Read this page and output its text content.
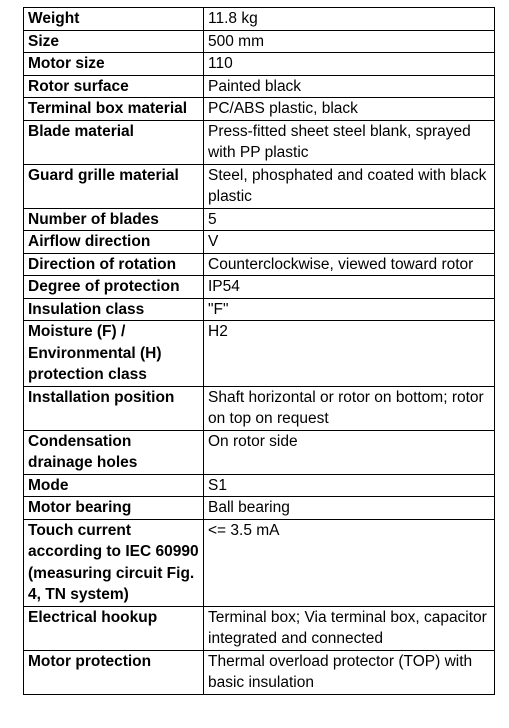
Weight	11.8 kg
Size	500 mm
Motor size	110
Rotor surface	Painted black
Terminal box material	PC/ABS plastic, black
Blade material	Press-fitted sheet steel blank, sprayed with PP plastic
Guard grille material	Steel, phosphated and coated with black plastic
Number of blades	5
Airflow direction	V
Direction of rotation	Counterclockwise, viewed toward rotor
Degree of protection	IP54
Insulation class	"F"
Moisture (F) / Environmental (H) protection class	H2
Installation position	Shaft horizontal or rotor on bottom; rotor on top on request
Condensation drainage holes	On rotor side
Mode	S1
Motor bearing	Ball bearing
Touch current according to IEC 60990 (measuring circuit Fig. 4, TN system)	<= 3.5 mA
Electrical hookup	Terminal box; Via terminal box, capacitor integrated and connected
Motor protection	Thermal overload protector (TOP) with basic insulation
